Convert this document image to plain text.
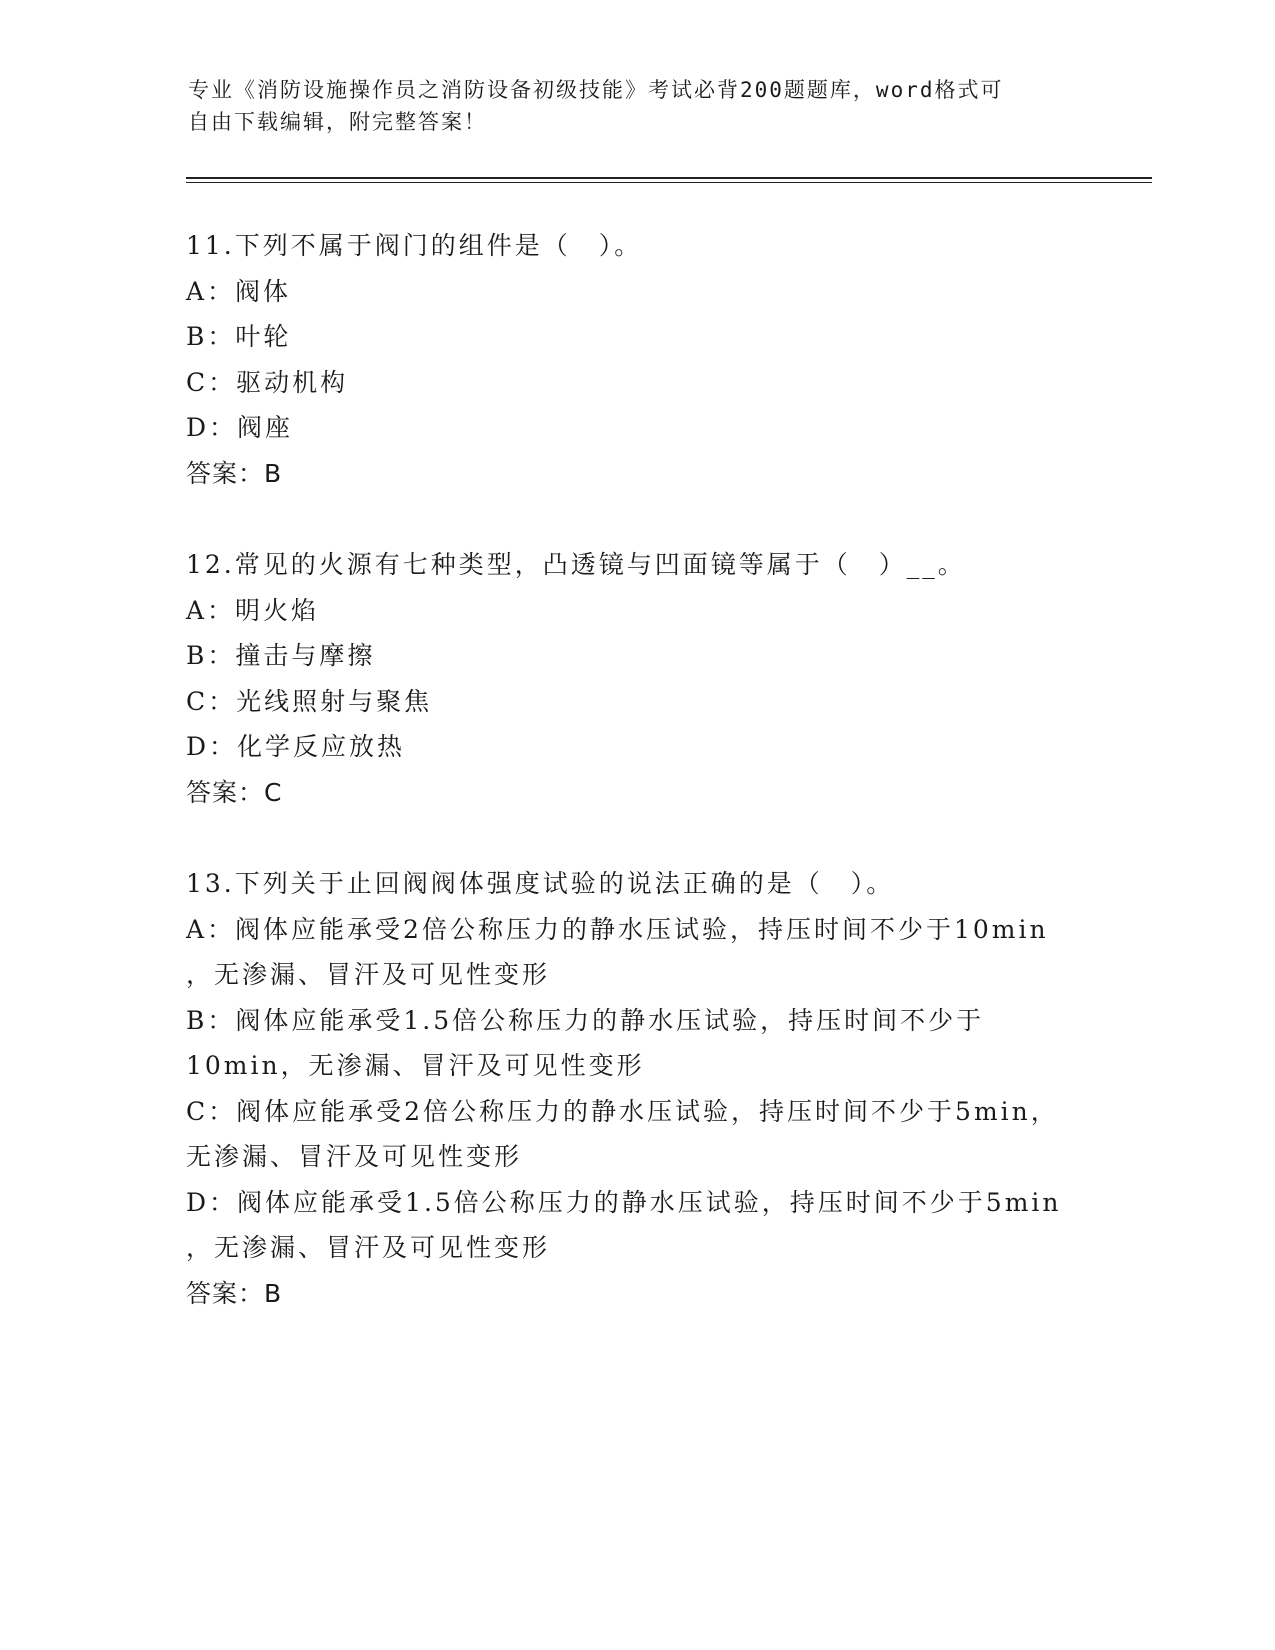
专业《消防设施操作员之消防设备初级技能》考试必背200题题库，word格式可
自由下载编辑，附完整答案！
11.下列不属于阀门的组件是（　）。
A：阀体
B：叶轮
C：驱动机构
D：阀座
答案：B
12.常见的火源有七种类型，凸透镜与凹面镜等属于（　）__。
A：明火焰
B：撞击与摩擦
C：光线照射与聚焦
D：化学反应放热
答案：C
13.下列关于止回阀阀体强度试验的说法正确的是（　）。
A：阀体应能承受2倍公称压力的静水压试验，持压时间不少于10min
，无渗漏、冒汗及可见性变形
B：阀体应能承受1.5倍公称压力的静水压试验，持压时间不少于
10min，无渗漏、冒汗及可见性变形
C：阀体应能承受2倍公称压力的静水压试验，持压时间不少于5min，
无渗漏、冒汗及可见性变形
D：阀体应能承受1.5倍公称压力的静水压试验，持压时间不少于5min
，无渗漏、冒汗及可见性变形
答案：B
